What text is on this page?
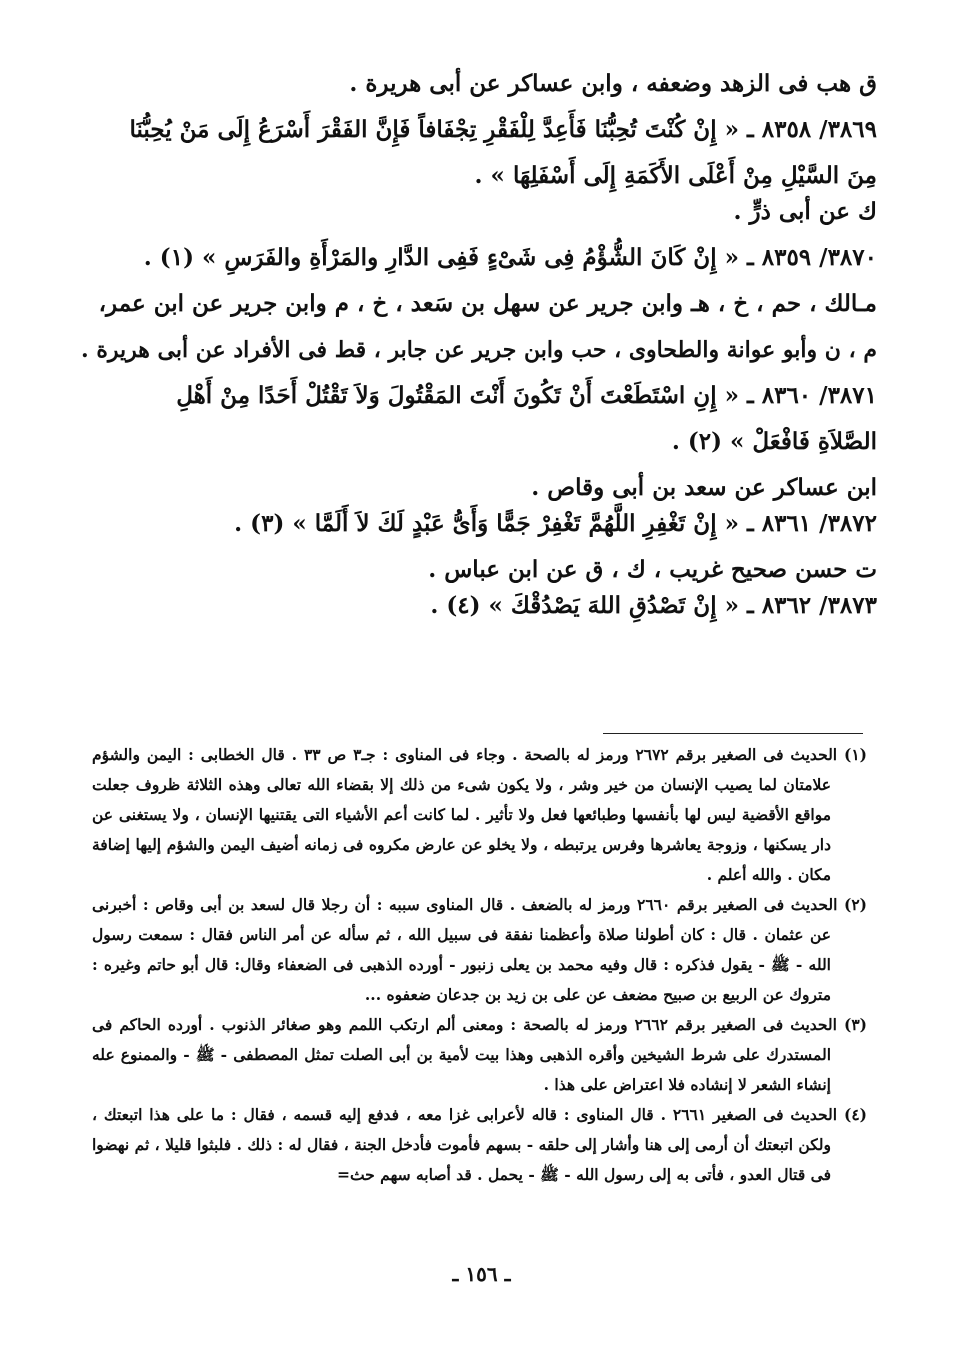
ق هب فى الزهد وضعفه ، وابن عساكر عن أبى هريرة .
٣٨٦٩/ ٨٣٥٨ ـ « إِنْ كُنْتَ تُحِبُّنَا فَأَعِدَّ لِلْفَقْرِ تِجْفَافاً فَإِنَّ الفَقْرَ أَسْرَعُ إِلَى مَنْ يُحِبُّنَا
مِنَ السَّيْلِ مِنْ أَعْلَى الأَكَمَةِ إِلَى أَسْفَلِهَا » .
ك عن أبى ذرٍّ .
٣٨٧٠/ ٨٣٥٩ ـ « إِنْ كَانَ الشُّؤْمُ فِى شَىْءٍ فَفِى الدَّارِ والمَرْأَةِ والفَرَسِ » (١) .
مـالك ، حم ، خ ، هـ وابن جرير عن سهل بن سَعد ، خ ، م وابن جرير عن ابن عمر،
م ، ن وأبو عوانة والطحاوى ، حب وابن جرير عن جابر ، قط فى الأفراد عن أبى هريرة .
٣٨٧١/ ٨٣٦٠ ـ « إِنِ اسْتَطَعْتَ أَنْ تَكُونَ أَنْتَ المَقْتُولَ وَلاَ تَقْتُلْ أَحَدًا مِنْ أَهْلِ
الصَّلاَةِ فَافْعَلْ » (٢) .
ابن عساكر عن سعد بن أبى وقاص .
٣٨٧٢/ ٨٣٦١ ـ « إِنْ تَغْفِرِ اللَّهُمَّ تَغْفِرْ جَمًّا وَأَىُّ عَبْدٍ لَكَ لاَ أَلَمَّا » (٣) .
ت حسن صحيح غريب ، ك ، ق عن ابن عباس .
٣٨٧٣/ ٨٣٦٢ ـ « إِنْ تَصْدُقِ اللهَ يَصْدُقْكَ » (٤) .

(١) الحديث فى الصغير برقم ٢٦٧٢ ورمز له بالصحة . وجاء فى المناوى : جـ٣ ص ٣٣ . قال الخطابى : اليمن والشؤم علامتان لما يصيب الإنسان من خير وشر ، ولا يكون شىء من ذلك إلا بقضاء الله تعالى وهذه الثلاثة ظروف جعلت مواقع الأقضية ليس لها بأنفسها وطبائعها فعل ولا تأثير . لما كانت أعم الأشياء التى يقتنيها الإنسان ، ولا يستغنى عن دار يسكنها ، وزوجة يعاشرها وفرس يرتبطه ، ولا يخلو عن عارض مكروه فى زمانه أضيف اليمن والشؤم إليها إضافة مكان . والله أعلم .

(٢) الحديث فى الصغير برقم ٢٦٦٠ ورمز له بالضعف . قال المناوى سببه : أن رجلا قال لسعد بن أبى وقاص : أخبرنى عن عثمان . قال : كان أطولنا صلاة وأعظمنا نفقة فى سبيل الله ، ثم سأله عن أمر الناس فقال : سمعت رسول الله - ﷺ - يقول فذكره : قال وفيه محمد بن يعلى زنبور - أورده الذهبى فى الضعفاء وقال: قال أبو حاتم وغيره : متروك عن الربيع بن صبيح مضعف عن على بن زيد بن جدعان ضعفوه ...

(٣) الحديث فى الصغير برقم ٢٦٦٢ ورمز له بالصحة : ومعنى ألم ارتكب اللمم وهو صغائر الذنوب . أورده الحاكم فى المستدرك على شرط الشيخين وأقره الذهبى وهذا بيت لأمية بن أبى الصلت تمثل المصطفى - ﷺ - والممنوع عله إنشاء الشعر لا إنشاده فلا اعتراض على هذا .

(٤) الحديث فى الصغير ٢٦٦١ . قال المناوى : قاله لأعرابى غزا معه ، فدفع إليه قسمه ، فقال : ما على هذا اتبعتك ، ولكن اتبعتك أن أرمى إلى هنا وأشار إلى حلقه - بسهم فأموت فأدخل الجنة ، فقال له : ذلك . فلبثوا قليلا ، ثم نهضوا فى قتال العدو ، فأتى به إلى رسول الله - ﷺ - يحمل . قد أصابه سهم حث=

ـ ١٥٦ ـ
